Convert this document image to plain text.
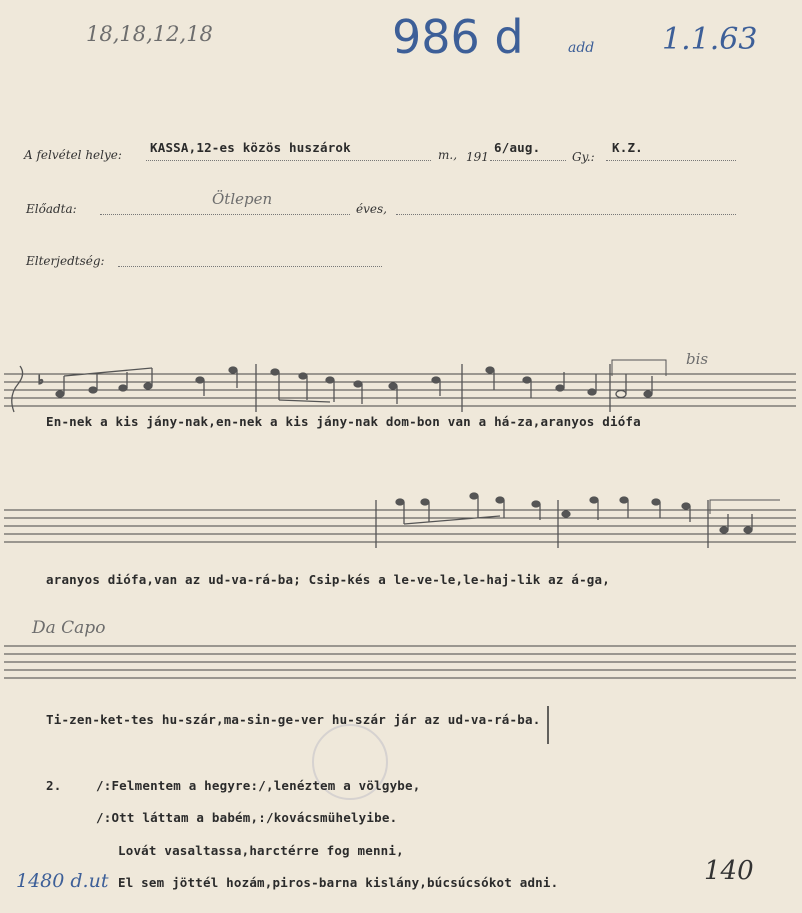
18,18,12,18	986 d	add 1.1.63
A felvétel helye: KASSA,12-es közös huszárok	m., 191
6/aug.
Gy.:
K.Z.
Előadta:
Ötlepen
éves,
Elterjedtség:
♭
bis
Da Capo
En-nek a kis jány-nak,en-nek a kis jány-nak dom-bon van a há-za,aranyos diófa
aranyos diófa,van az ud-va-rá-ba; Csip-kés a le-ve-le,le-haj-lik az á-ga,
Ti-zen-ket-tes hu-szár,ma-sin-ge-ver hu-szár jár az ud-va-rá-ba.
2.	/:Felmentem a hegyre:/,lenéztem a völgybe,
/:Ott láttam a babém,:/kovácsmühelyibe.
Lovát vasaltassa,harctérre fog menni,
El sem jöttél hozám,piros-barna kislány,búcsúcsókot adni.
1480 d.ut	140
